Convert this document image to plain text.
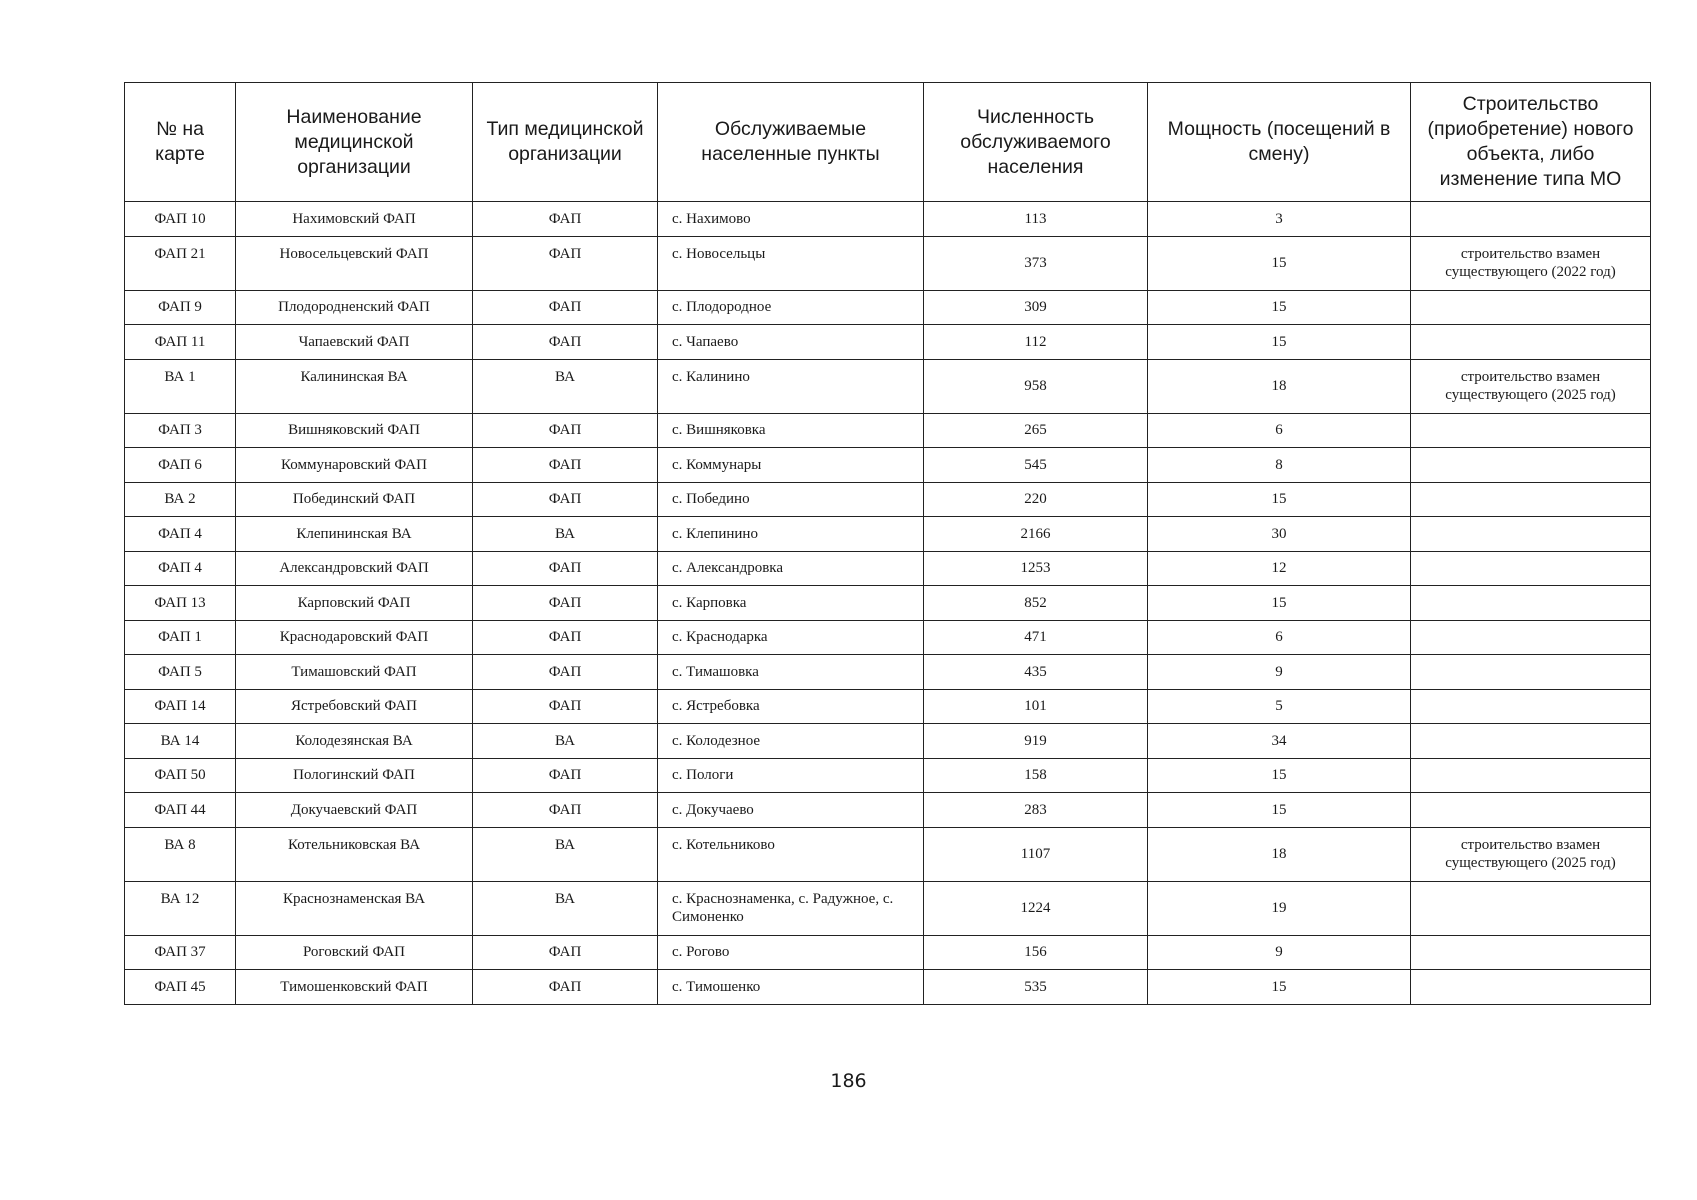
№ на карте	Наименование медицинской организации	Тип медицинской организации	Обслуживаемые населенные пункты	Численность обслуживаемого населения	Мощность (посещений в смену)	Строительство (приобретение) нового объекта, либо изменение типа МО
ФАП 10	Нахимовский ФАП	ФАП	с. Нахимово	113	3	
ФАП 21	Новосельцевский ФАП	ФАП	с. Новосельцы	373	15	строительство взамен существующего (2022 год)
ФАП 9	Плодородненский ФАП	ФАП	с. Плодородное	309	15	
ФАП 11	Чапаевский ФАП	ФАП	с. Чапаево	112	15	
ВА 1	Калининская ВА	ВА	с. Калинино	958	18	строительство взамен существующего (2025 год)
ФАП 3	Вишняковский ФАП	ФАП	с. Вишняковка	265	6	
ФАП 6	Коммунаровский ФАП	ФАП	с. Коммунары	545	8	
ВА 2	Побединский ФАП	ФАП	с. Победино	220	15	
ФАП 4	Клепининская ВА	ВА	с. Клепинино	2166	30	
ФАП 4	Александровский ФАП	ФАП	с. Александровка	1253	12	
ФАП 13	Карповский ФАП	ФАП	с. Карповка	852	15	
ФАП 1	Краснодаровский ФАП	ФАП	с. Краснодарка	471	6	
ФАП 5	Тимашовский ФАП	ФАП	с. Тимашовка	435	9	
ФАП 14	Ястребовский ФАП	ФАП	с. Ястребовка	101	5	
ВА 14	Колодезянская ВА	ВА	с. Колодезное	919	34	
ФАП 50	Пологинский ФАП	ФАП	с. Пологи	158	15	
ФАП 44	Докучаевский ФАП	ФАП	с. Докучаево	283	15	
ВА 8	Котельниковская ВА	ВА	с. Котельниково	1107	18	строительство взамен существующего (2025 год)
ВА 12	Краснознаменская ВА	ВА	с. Краснознаменка, с. Радужное, с. Симоненко	1224	19	
ФАП 37	Роговский ФАП	ФАП	с. Рогово	156	9	
ФАП 45	Тимошенковский ФАП	ФАП	с. Тимошенко	535	15	
186
